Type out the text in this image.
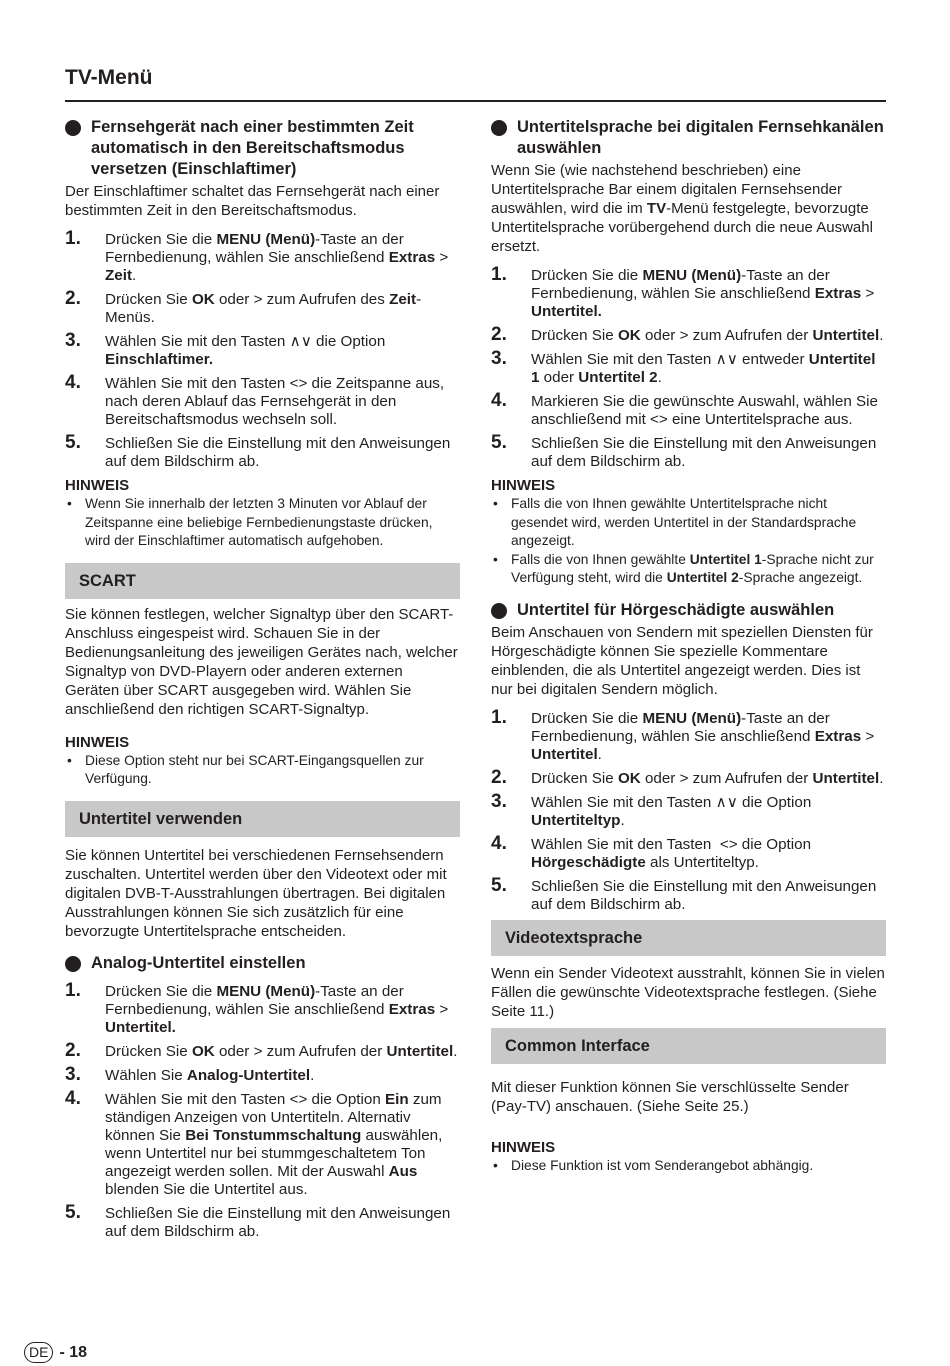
TV-Menü
Fernsehgerät nach einer bestimmten Zeit automatisch in den Bereitschaftsmodus versetzen (Einschlaftimer)
Der Einschlaftimer schaltet das Fernsehgerät nach einer bestimmten Zeit in den Bereitschaftsmodus.
1. Drücken Sie die MENU (Menü)-Taste an der Fernbedienung, wählen Sie anschließend Extras > Zeit.
2. Drücken Sie OK oder > zum Aufrufen des Zeit-Menüs.
3. Wählen Sie mit den Tasten ∧∨ die Option Einschlaftimer.
4. Wählen Sie mit den Tasten <> die Zeitspanne aus, nach deren Ablauf das Fernsehgerät in den Bereitschaftsmodus wechseln soll.
5. Schließen Sie die Einstellung mit den Anweisungen auf dem Bildschirm ab.
HINWEIS
• Wenn Sie innerhalb der letzten 3 Minuten vor Ablauf der Zeitspanne eine beliebige Fernbedienungstaste drücken, wird der Einschlaftimer automatisch aufgehoben.
SCART
Sie können festlegen, welcher Signaltyp über den SCART-Anschluss eingespeist wird. Schauen Sie in der Bedienungsanleitung des jeweiligen Gerätes nach, welcher Signaltyp von DVD-Playern oder anderen externen Geräten über SCART ausgegeben wird. Wählen Sie anschließend den richtigen SCART-Signaltyp.
HINWEIS
• Diese Option steht nur bei SCART-Eingangsquellen zur Verfügung.
Untertitel verwenden
Sie können Untertitel bei verschiedenen Fernsehsendern zuschalten. Untertitel werden über den Videotext oder mit digitalen DVB-T-Ausstrahlungen übertragen. Bei digitalen Ausstrahlungen können Sie sich zusätzlich für eine bevorzugte Untertitelsprache entscheiden.
Analog-Untertitel einstellen
1. Drücken Sie die MENU (Menü)-Taste an der Fernbedienung, wählen Sie anschließend Extras > Untertitel.
2. Drücken Sie OK oder > zum Aufrufen der Untertitel.
3. Wählen Sie Analog-Untertitel.
4. Wählen Sie mit den Tasten <> die Option Ein zum ständigen Anzeigen von Untertiteln. Alternativ können Sie Bei Tonstummschaltung auswählen, wenn Untertitel nur bei stummgeschaltetem Ton angezeigt werden sollen. Mit der Auswahl Aus blenden Sie die Untertitel aus.
5. Schließen Sie die Einstellung mit den Anweisungen auf dem Bildschirm ab.
Untertitelsprache bei digitalen Fernsehkanälen auswählen
Wenn Sie (wie nachstehend beschrieben) eine Untertitelsprache Bar einem digitalen Fernsehsender auswählen, wird die im TV-Menü festgelegte, bevorzugte Untertitelsprache vorübergehend durch die neue Auswahl ersetzt.
1. Drücken Sie die MENU (Menü)-Taste an der Fernbedienung, wählen Sie anschließend Extras > Untertitel.
2. Drücken Sie OK oder > zum Aufrufen der Untertitel.
3. Wählen Sie mit den Tasten ∧∨ entweder Untertitel 1 oder Untertitel 2.
4. Markieren Sie die gewünschte Auswahl, wählen Sie anschließend mit <> eine Untertitelsprache aus.
5. Schließen Sie die Einstellung mit den Anweisungen auf dem Bildschirm ab.
HINWEIS
• Falls die von Ihnen gewählte Untertitelsprache nicht gesendet wird, werden Untertitel in der Standardsprache angezeigt.
• Falls die von Ihnen gewählte Untertitel 1-Sprache nicht zur Verfügung steht, wird die Untertitel 2-Sprache angezeigt.
Untertitel für Hörgeschädigte auswählen
Beim Anschauen von Sendern mit speziellen Diensten für Hörgeschädigte können Sie spezielle Kommentare einblenden, die als Untertitel angezeigt werden. Dies ist nur bei digitalen Sendern möglich.
1. Drücken Sie die MENU (Menü)-Taste an der Fernbedienung, wählen Sie anschließend Extras > Untertitel.
2. Drücken Sie OK oder > zum Aufrufen der Untertitel.
3. Wählen Sie mit den Tasten ∧∨ die Option Untertiteltyp.
4. Wählen Sie mit den Tasten  <> die Option Hörgeschädigte als Untertiteltyp.
5. Schließen Sie die Einstellung mit den Anweisungen auf dem Bildschirm ab.
Videotextsprache
Wenn ein Sender Videotext ausstrahlt, können Sie in vielen Fällen die gewünschte Videotextsprache festlegen. (Siehe Seite 11.)
Common Interface
Mit dieser Funktion können Sie verschlüsselte Sender (Pay-TV) anschauen. (Siehe Seite 25.)
HINWEIS
• Diese Funktion ist vom Senderangebot abhängig.
DE - 18
